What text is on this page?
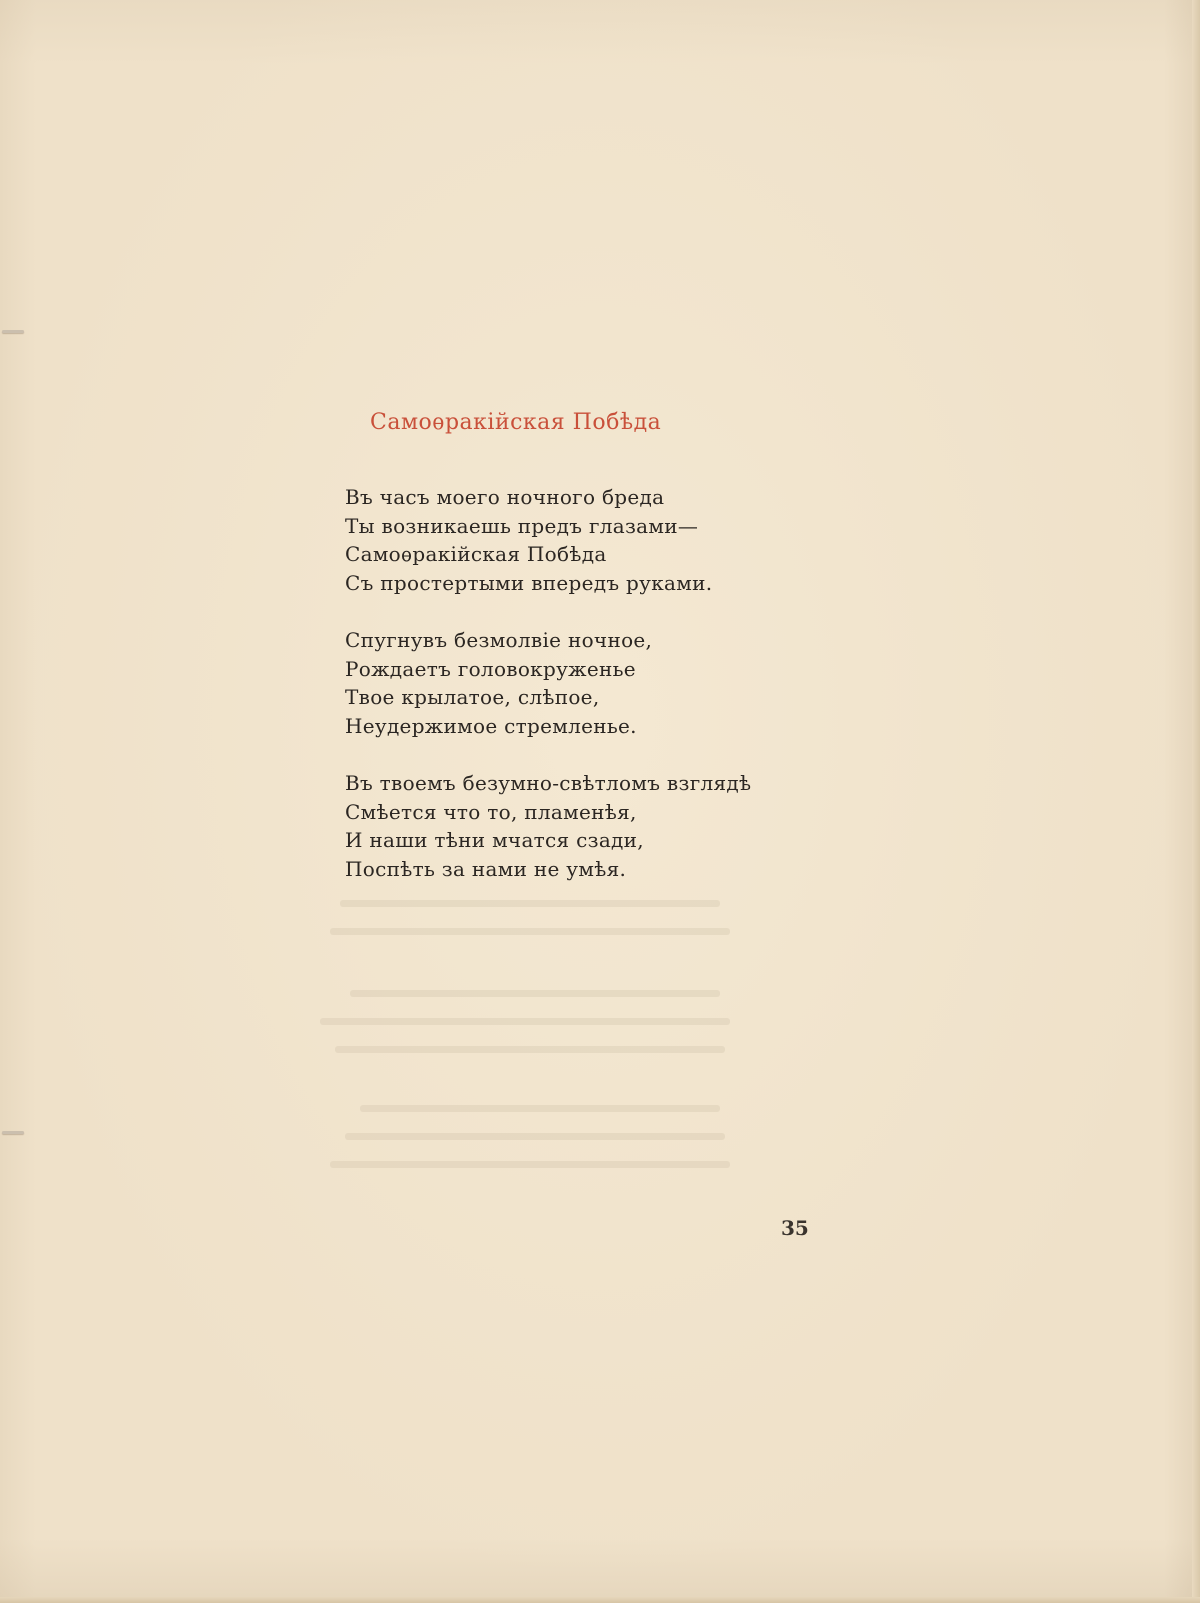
Самоѳракійская Побѣда
Въ часъ моего ночного бреда
Ты возникаешь предъ глазами—
Самоѳракійская Побѣда
Съ простертыми впередъ руками.
Спугнувъ безмолвіе ночное,
Рождаетъ головокруженье
Твое крылатое, слѣпое,
Неудержимое стремленье.
Въ твоемъ безумно-свѣтломъ взглядѣ
Смѣется что то, пламенѣя,
И наши тѣни мчатся сзади,
Поспѣть за нами не умѣя.
35
